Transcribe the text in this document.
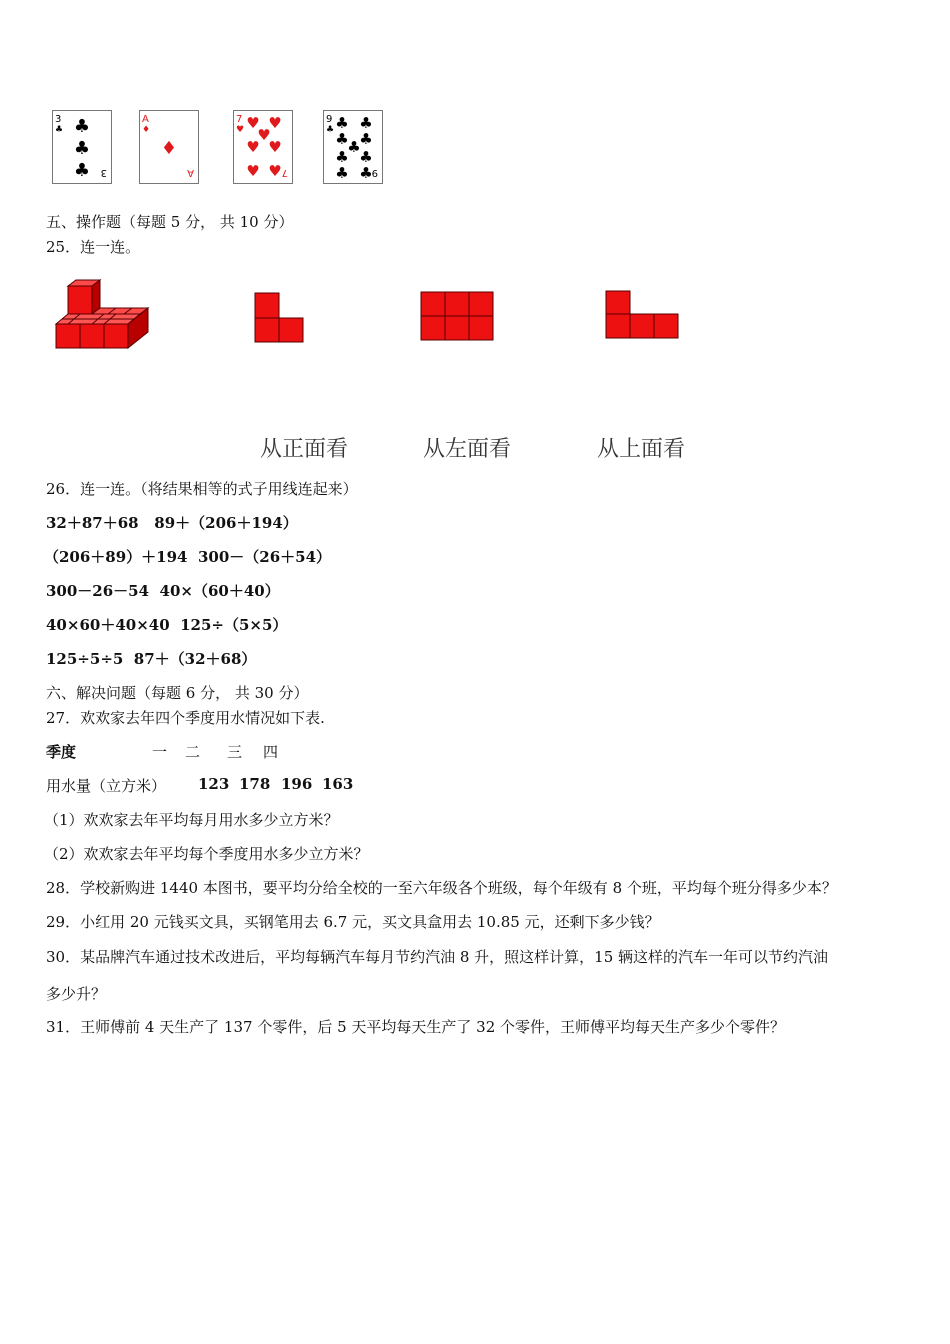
3
♣ ♣
♣
♣ 3
A
♦
♦
A
7
♥ ♥ ♥
♥
♥ ♥
♥ ♥ 7
9
♣ ♣ ♣
♣ ♣
♣
♣ ♣
♣ ♣
9
五、操作题（每题 5 分， 共 10 分）
25．连一连。
从正面看	从左面看	从上面看
26．连一连。（将结果相等的式子用线连起来）
32＋87＋68 89＋（206＋194）
（206＋89）＋194 300－（26＋54）
300－26－54 40×（60＋40）
40×60＋40×40 125÷（5×5）
125÷5÷5 87＋（32＋68）
六、解决问题（每题 6 分， 共 30 分）
27．欢欢家去年四个季度用水情况如下表.
季度	一 二 三 四
用水量（立方米） 123 178 196 163
（1）欢欢家去年平均每月用水多少立方米？
（2）欢欢家去年平均每个季度用水多少立方米？
28．学校新购进 1440 本图书，要平均分给全校的一至六年级各个班级，每个年级有 8 个班，平均每个班分得多少本？
29．小红用 20 元钱买文具，买钢笔用去 6.7 元，买文具盒用去 10.85 元，还剩下多少钱？
30．某品牌汽车通过技术改进后，平均每辆汽车每月节约汽油 8 升，照这样计算，15 辆这样的汽车一年可以节约汽油
多少升？
31．王师傅前 4 天生产了 137 个零件，后 5 天平均每天生产了 32 个零件，王师傅平均每天生产多少个零件？
